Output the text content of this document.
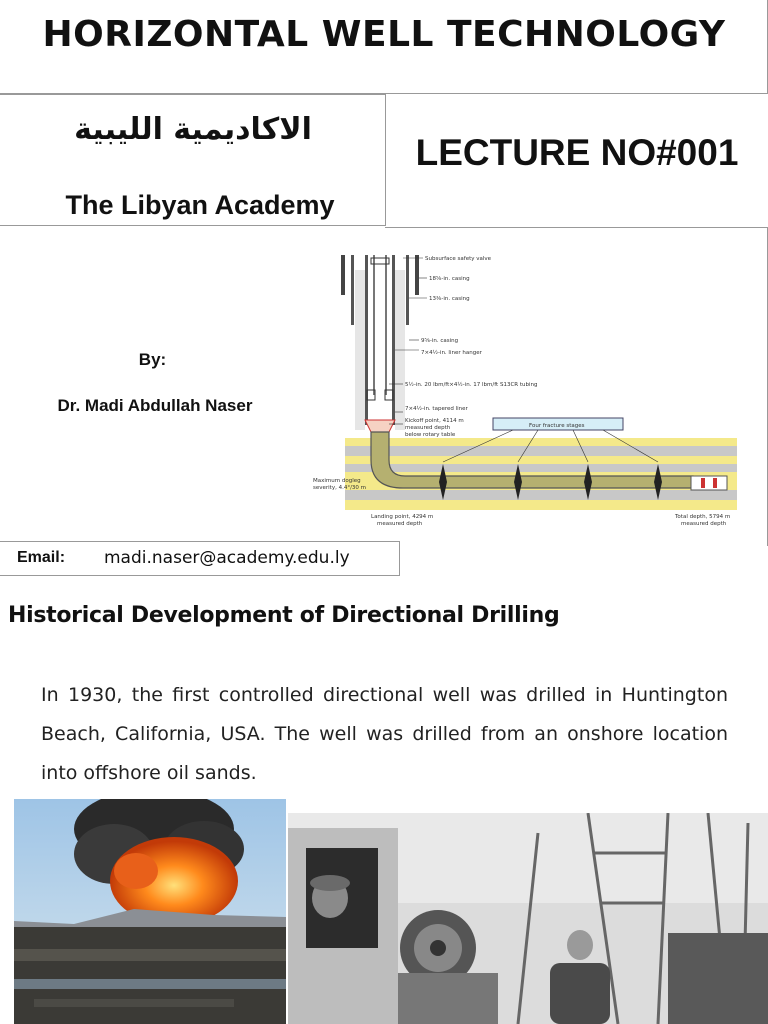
HORIZONTAL WELL TECHNOLOGY
الاكاديمية الليبية
The Libyan Academy
LECTURE NO#001
By:
Dr. Madi Abdullah Naser
Subsurface safety valve
18⅝-in. casing
13⅜-in. casing
9⅝-in. casing
7×4½-in. liner hanger
5½-in. 20 lbm/ft×4½-in. 17 lbm/ft S13CR tubing
7×4½-in. tapered liner
Kickoff point, 4114 m
measured depth
below rotary table
Four fracture stages
Maximum dogleg
severity, 4.4°/30 m
Landing point, 4294 m
measured depth
Total depth, 5794 m
measured depth
Email: madi.naser@academy.edu.ly
Historical Development of Directional Drilling
In 1930, the first controlled directional well was drilled in Huntington Beach, California, USA. The well was drilled from an onshore location into offshore oil sands.
